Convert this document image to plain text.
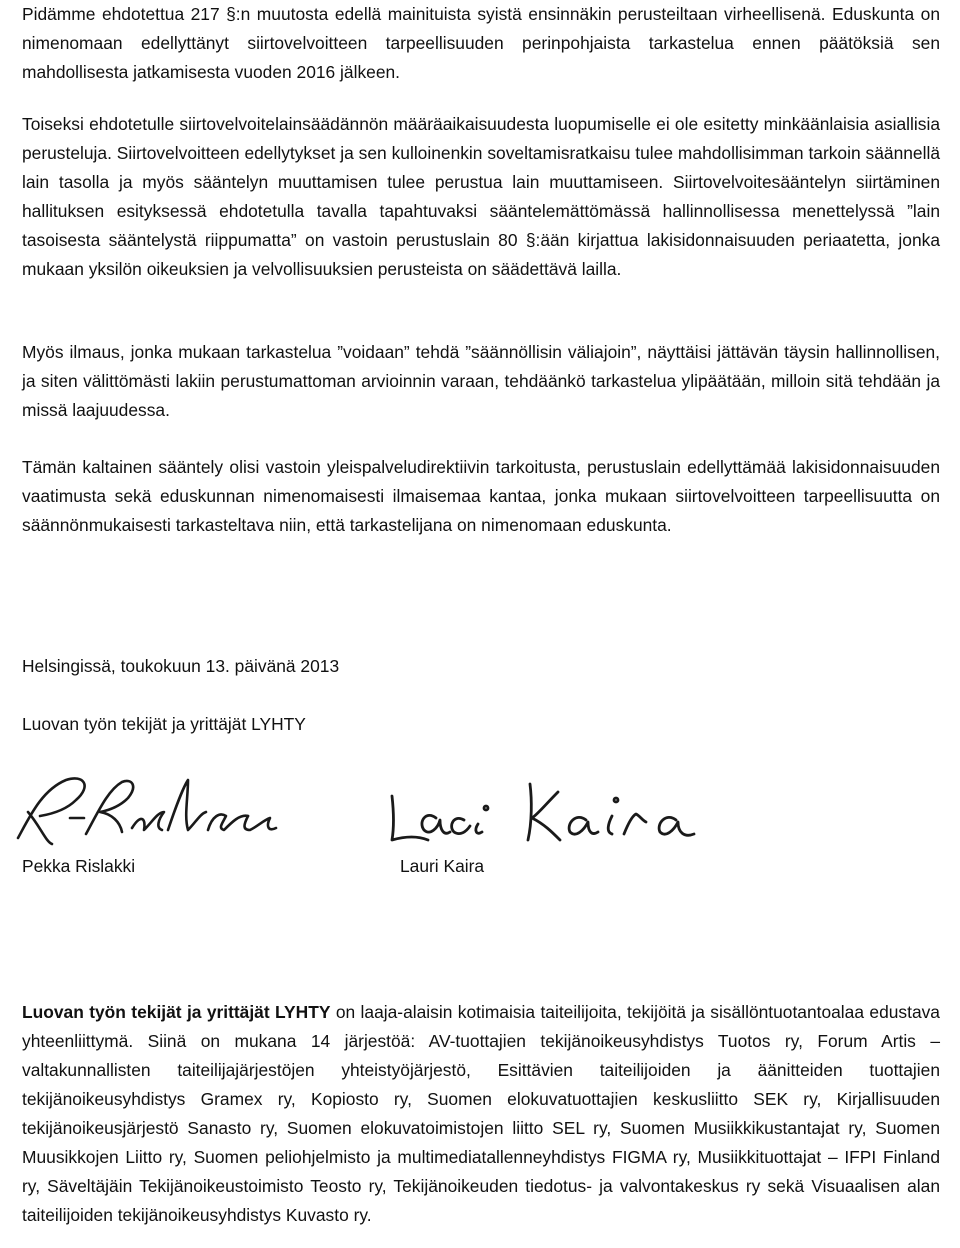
Pidämme ehdotettua 217 §:n muutosta edellä mainituista syistä ensinnäkin perusteiltaan virheellisenä. Eduskunta on nimenomaan edellyttänyt siirtovelvoitteen tarpeellisuuden perinpohjaista tarkastelua ennen päätöksiä sen mahdollisesta jatkamisesta vuoden 2016 jälkeen.

Toiseksi ehdotetulle siirtovelvoitelainsäädännön määräaikaisuudesta luopumiselle ei ole esitetty minkäänlaisia asiallisia perusteluja. Siirtovelvoitteen edellytykset ja sen kulloinenkin soveltamisratkaisu tulee mahdollisimman tarkoin säännellä lain tasolla ja myös sääntelyn muuttamisen tulee perustua lain muuttamiseen. Siirtovelvoitesääntelyn siirtäminen hallituksen esityksessä ehdotetulla tavalla tapahtuvaksi sääntelemättömässä hallinnollisessa menettelyssä ”lain tasoisesta sääntelystä riippumatta” on vastoin perustuslain 80 §:ään kirjattua lakisidonnaisuuden periaatetta, jonka mukaan yksilön oikeuksien ja velvollisuuksien perusteista on säädettävä lailla.

Myös ilmaus, jonka mukaan tarkastelua ”voidaan” tehdä ”säännöllisin väliajoin”, näyttäisi jättävän täysin hallinnollisen, ja siten välittömästi lakiin perustumattoman arvioinnin varaan, tehdäänkö tarkastelua ylipäätään, milloin sitä tehdään ja missä laajuudessa.

Tämän kaltainen sääntely olisi vastoin yleispalveludirektiivin tarkoitusta, perustuslain edellyttämää lakisidonnaisuuden vaatimusta sekä eduskunnan nimenomaisesti ilmaisemaa kantaa, jonka mukaan siirtovelvoitteen tarpeellisuutta on säännönmukaisesti tarkasteltava niin, että tarkastelijana on nimenomaan eduskunta.

Helsingissä, toukokuun 13. päivänä 2013

Luovan työn tekijät ja yrittäjät LYHTY

Pekka Rislakki	Lauri Kaira

Luovan työn tekijät ja yrittäjät LYHTY on laaja-alaisin kotimaisia taiteilijoita, tekijöitä ja sisällöntuotantoalaa edustava yhteenliittymä. Siinä on mukana 14 järjestöä: AV-tuottajien tekijänoikeusyhdistys Tuotos ry, Forum Artis – valtakunnallisten taiteilijajärjestöjen yhteistyöjärjestö, Esittävien taiteilijoiden ja äänitteiden tuottajien tekijänoikeusyhdistys Gramex ry, Kopiosto ry, Suomen elokuvatuottajien keskusliitto SEK ry, Kirjallisuuden tekijänoikeusjärjestö Sanasto ry, Suomen elokuvatoimistojen liitto SEL ry, Suomen Musiikkikustantajat ry, Suomen Muusikkojen Liitto ry, Suomen peliohjelmisto ja multimediatallenneyhdistys FIGMA ry, Musiikkituottajat – IFPI Finland ry, Säveltäjäin Tekijänoikeustoimisto Teosto ry, Tekijänoikeuden tiedotus- ja valvontakeskus ry sekä Visuaalisen alan taiteilijoiden tekijänoikeusyhdistys Kuvasto ry.
